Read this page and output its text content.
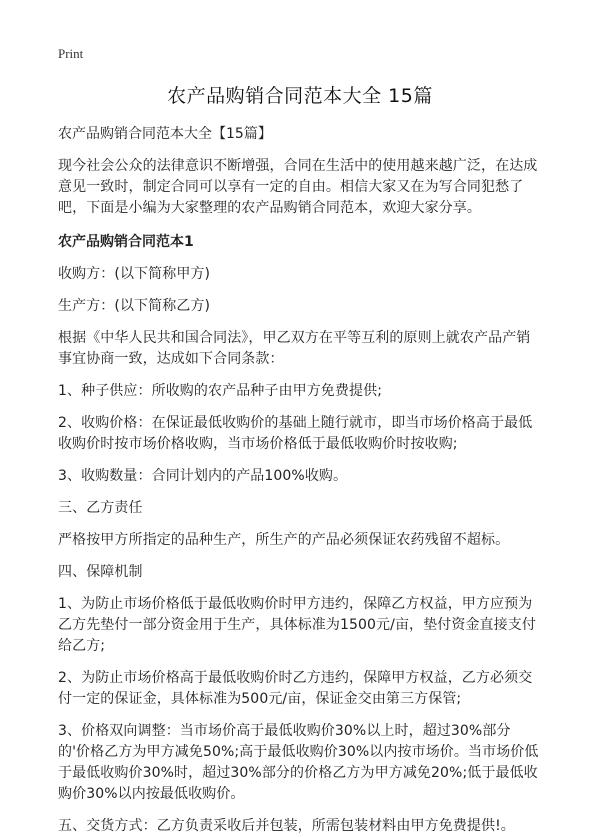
Print
农产品购销合同范本大全 15篇
农产品购销合同范本大全【15篇】

现今社会公众的法律意识不断增强，合同在生活中的使用越来越广泛，在达成意见一致时，制定合同可以享有一定的自由。相信大家又在为写合同犯愁了吧，下面是小编为大家整理的农产品购销合同范本，欢迎大家分享。

农产品购销合同范本1

收购方：(以下简称甲方)

生产方：(以下简称乙方)

根据《中华人民共和国合同法》，甲乙双方在平等互利的原则上就农产品产销事宜协商一致，达成如下合同条款：

1、种子供应：所收购的农产品种子由甲方免费提供;

2、收购价格：在保证最低收购价的基础上随行就市，即当市场价格高于最低收购价时按市场价格收购，当市场价格低于最低收购价时按收购;

3、收购数量：合同计划内的产品100%收购。

三、乙方责任

严格按甲方所指定的品种生产，所生产的产品必须保证农药残留不超标。

四、保障机制

1、为防止市场价格低于最低收购价时甲方违约，保障乙方权益，甲方应预为乙方先垫付一部分资金用于生产，具体标准为1500元/亩，垫付资金直接支付给乙方;

2、为防止市场价格高于最低收购价时乙方违约，保障甲方权益，乙方必须交付一定的保证金，具体标准为500元/亩，保证金交由第三方保管;

3、价格双向调整：当市场价高于最低收购价30%以上时，超过30%部分的'价格乙方为甲方减免50%;高于最低收购价30%以内按市场价。当市场价低于最低收购价30%时，超过30%部分的价格乙方为甲方减免20%;低于最低收购价30%以内按最低收购价。

五、交货方式：乙方负责采收后并包装，所需包装材料由甲方免费提供!。
